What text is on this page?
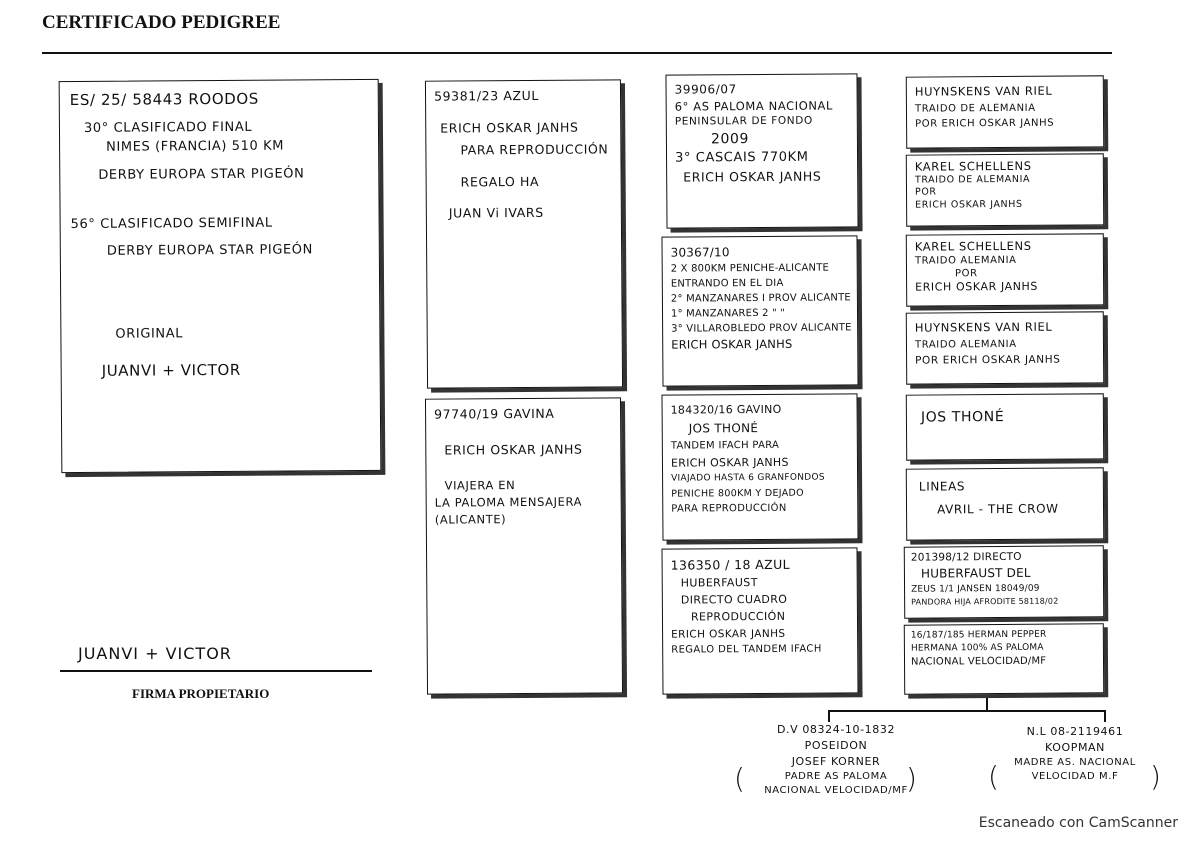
CERTIFICADO PEDIGREE
ES/ 25/ 58443 ROODOS
30° CLASIFICADO FINAL
NIMES (FRANCIA) 510 KM
DERBY EUROPA STAR PIGEÓN
56° CLASIFICADO SEMIFINAL
DERBY EUROPA STAR PIGEÓN
ORIGINAL
JUANVI + VICTOR
JUANVI + VICTOR
FIRMA PROPIETARIO
59381/23 AZUL
ERICH OSKAR JANHS
PARA REPRODUCCIÓN
REGALO HA
JUAN Vi IVARS
97740/19 GAVINA
ERICH OSKAR JANHS
VIAJERA EN
LA PALOMA MENSAJERA
(ALICANTE)
39906/07
6° AS PALOMA NACIONAL
PENINSULAR DE FONDO
2009
3° CASCAIS 770KM
ERICH OSKAR JANHS
30367/10
2 X 800KM PENICHE-ALICANTE
ENTRANDO EN EL DIA
2° MANZANARES I PROV ALICANTE
1° MANZANARES 2 " "
3° VILLAROBLEDO PROV ALICANTE
ERICH OSKAR JANHS
184320/16 GAVINO
JOS THONÉ
TANDEM IFACH PARA
ERICH OSKAR JANHS
VIAJADO HASTA 6 GRANFONDOS
PENICHE 800KM Y DEJADO
PARA REPRODUCCIÓN
136350 / 18 AZUL
HUBERFAUST
DIRECTO CUADRO
REPRODUCCIÓN
ERICH OSKAR JANHS
REGALO DEL TANDEM IFACH
HUYNSKENS VAN RIEL
TRAIDO DE ALEMANIA
POR ERICH OSKAR JANHS
KAREL SCHELLENS
TRAIDO DE ALEMANIA
POR
ERICH OSKAR JANHS
KAREL SCHELLENS
TRAIDO ALEMANIA
POR
ERICH OSKAR JANHS
HUYNSKENS VAN RIEL
TRAIDO ALEMANIA
POR ERICH OSKAR JANHS
JOS THONÉ
LINEAS
AVRIL - THE CROW
201398/12 DIRECTO
HUBERFAUST DEL
ZEUS 1/1 JANSEN 18049/09
PANDORA HIJA AFRODITE 58118/02
16/187/185 HERMAN PEPPER
HERMANA 100% AS PALOMA
NACIONAL VELOCIDAD/MF
D.V 08324-10-1832
POSEIDON
JOSEF KORNER
PADRE AS PALOMA
NACIONAL VELOCIDAD/MF
(	)
N.L 08-2119461
KOOPMAN
MADRE AS. NACIONAL
VELOCIDAD M.F
(	)
Escaneado con CamScanner
